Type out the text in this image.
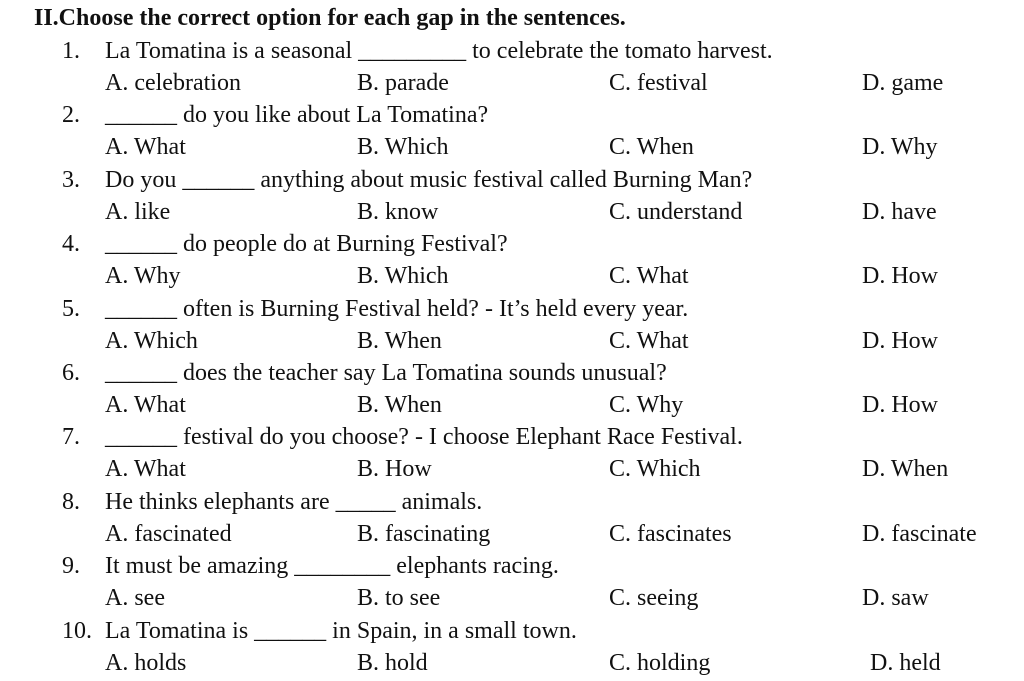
II.Choose the correct option for each gap in the sentences.
1. La Tomatina is a seasonal _________ to celebrate the tomato harvest.
A. celebration	B. parade	C. festival	D. game
2. ______ do you like about La Tomatina?
A. What	B. Which	C. When	D. Why
3. Do you ______ anything about music festival called Burning Man?
A. like	B. know	C. understand	D. have
4. ______ do people do at Burning Festival?
A. Why	B. Which	C. What	D. How
5. ______ often is Burning Festival held? - It’s held every year.
A. Which	B. When	C. What	D. How
6. ______ does the teacher say La Tomatina sounds unusual?
A. What	B. When	C. Why	D. How
7. ______ festival do you choose? - I choose Elephant Race Festival.
A. What	B. How	C. Which	D. When
8. He thinks elephants are _____ animals.
A. fascinated	B. fascinating	C. fascinates	D. fascinate
9. It must be amazing ________ elephants racing.
A. see	B. to see	C. seeing	D. saw
10. La Tomatina is ______ in Spain, in a small town.
A. holds	B. hold	C. holding	D. held
